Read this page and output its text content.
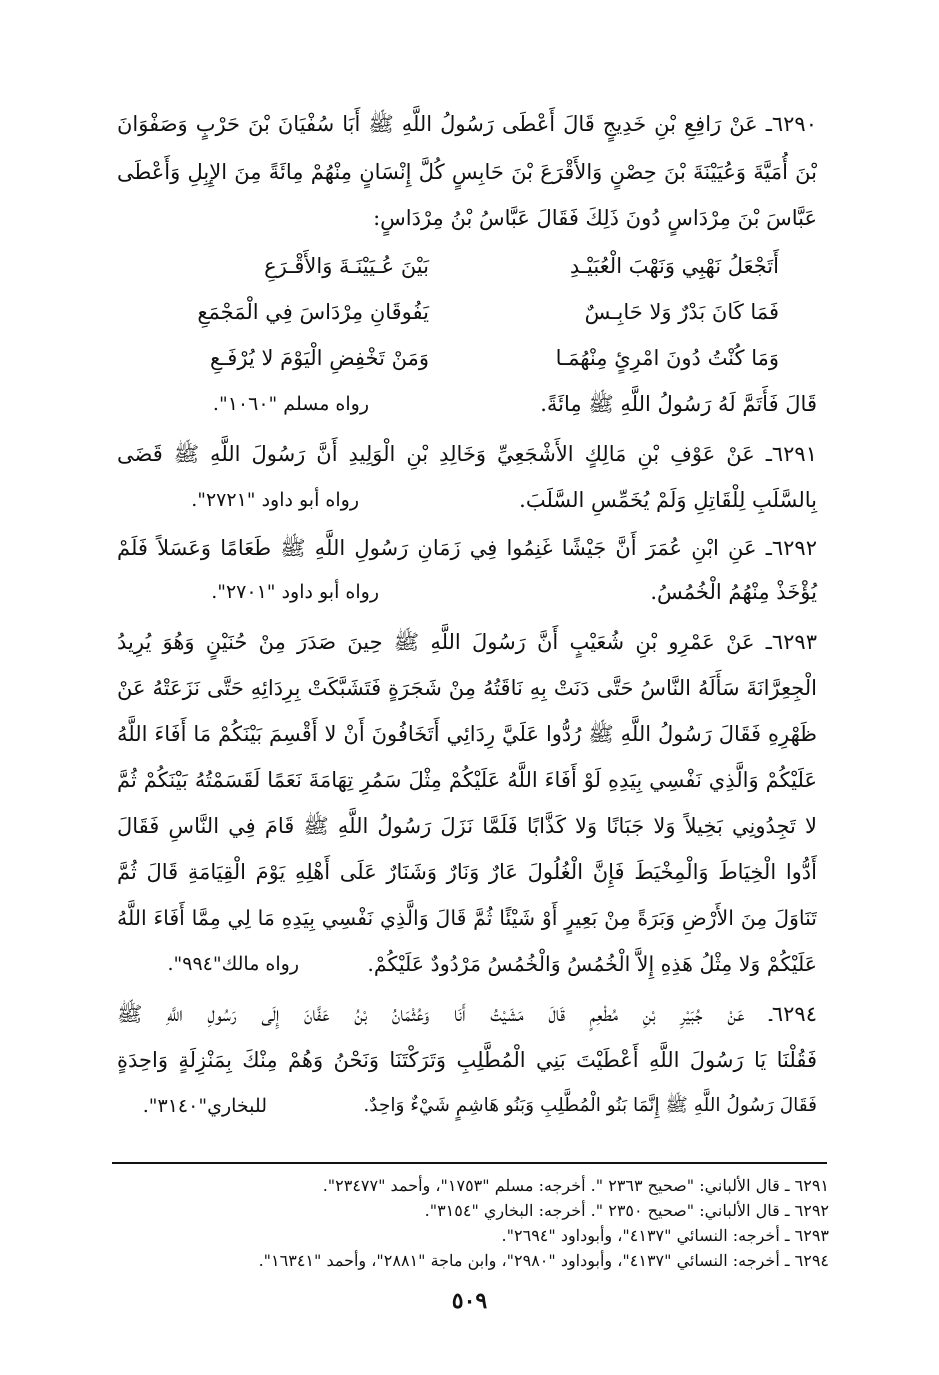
٦٢٩٠ـ عَنْ رَافِعِ بْنِ خَدِيجٍ قَالَ أَعْطَى رَسُولُ اللَّهِ ﷺ أَبَا سُفْيَانَ بْنَ حَرْبٍ وَصَفْوَانَ
بْنَ أُمَيَّةَ وَعُيَيْنَةَ بْنَ حِصْنٍ وَالأَقْرَعَ بْنَ حَابِسٍ كُلَّ إِنْسَانٍ مِنْهُمْ مِائَةً مِنَ الإِبِلِ وَأَعْطَى
عَبَّاسَ بْنَ مِرْدَاسٍ دُونَ ذَلِكَ فَقَالَ عَبَّاسُ بْنُ مِرْدَاسٍ:
أَتَجْعَلُ نَهْبِي وَنَهْبَ الْعُبَيْـدِ
بَيْنَ عُـيَيْنَـةَ وَالأَقْـرَعِ
فَمَا كَانَ بَدْرٌ وَلا حَابِـسٌ
يَفُوقَانِ مِرْدَاسَ فِي الْمَجْمَعِ
وَمَا كُنْتُ دُونَ امْرِئٍ مِنْهُمَـا
وَمَنْ تَخْفِضِ الْيَوْمَ لا يُرْفَـعِ
قَالَ فَأَتَمَّ لَهُ رَسُولُ اللَّهِ ﷺ مِائَةً.
رواه مسلم "١٠٦٠".
٦٢٩١ـ عَنْ عَوْفِ بْنِ مَالِكٍ الأَشْجَعِيِّ وَخَالِدِ بْنِ الْوَلِيدِ أَنَّ رَسُولَ اللَّهِ ﷺ قَضَى
بِالسَّلَبِ لِلْقَاتِلِ وَلَمْ يُخَمِّسِ السَّلَبَ.
رواه أبو داود "٢٧٢١".
٦٢٩٢ـ عَنِ ابْنِ عُمَرَ أَنَّ جَيْشًا غَنِمُوا فِي زَمَانِ رَسُولِ اللَّهِ ﷺ طَعَامًا وَعَسَلاً فَلَمْ
يُؤْخَذْ مِنْهُمُ الْخُمُسُ.
رواه أبو داود "٢٧٠١".
٦٢٩٣ـ عَنْ عَمْرِو بْنِ شُعَيْبٍ أَنَّ رَسُولَ اللَّهِ ﷺ حِينَ صَدَرَ مِنْ حُنَيْنٍ وَهُوَ يُرِيدُ
الْجِعِرَّانَةَ سَأَلَهُ النَّاسُ حَتَّى دَنَتْ بِهِ نَاقَتُهُ مِنْ شَجَرَةٍ فَتَشَبَّكَتْ بِرِدَائِهِ حَتَّى نَزَعَتْهُ عَنْ
ظَهْرِهِ فَقَالَ رَسُولُ اللَّهِ ﷺ رُدُّوا عَلَيَّ رِدَائِي أَتَخَافُونَ أَنْ لا أَقْسِمَ بَيْنَكُمْ مَا أَفَاءَ اللَّهُ
عَلَيْكُمْ وَالَّذِي نَفْسِي بِيَدِهِ لَوْ أَفَاءَ اللَّهُ عَلَيْكُمْ مِثْلَ سَمُرِ تِهَامَةَ نَعَمًا لَقَسَمْتُهُ بَيْنَكُمْ ثُمَّ
لا تَجِدُونِي بَخِيلاً وَلا جَبَانًا وَلا كَذَّابًا فَلَمَّا نَزَلَ رَسُولُ اللَّهِ ﷺ قَامَ فِي النَّاسِ فَقَالَ
أَدُّوا الْخِيَاطَ وَالْمِخْيَطَ فَإِنَّ الْغُلُولَ عَارٌ وَنَارٌ وَشَنَارٌ عَلَى أَهْلِهِ يَوْمَ الْقِيَامَةِ قَالَ ثُمَّ
تَنَاوَلَ مِنَ الأَرْضِ وَبَرَةً مِنْ بَعِيرٍ أَوْ شَيْئًا ثُمَّ قَالَ وَالَّذِي نَفْسِي بِيَدِهِ مَا لِي مِمَّا أَفَاءَ اللَّهُ
عَلَيْكُمْ وَلا مِثْلُ هَذِهِ إِلاَّ الْخُمُسُ وَالْخُمُسُ مَرْدُودٌ عَلَيْكُمْ.
رواه مالك"٩٩٤".
٦٢٩٤ـ عَنْ جُبَيْرِ بْنِ مُطْعِمٍ قَالَ مَشَيْتُ أَنَا وَعُثْمَانُ بْنُ عَفَّانَ إِلَى رَسُولِ اللَّهِ ﷺ
فَقُلْنَا يَا رَسُولَ اللَّهِ أَعْطَيْتَ بَنِي الْمُطَّلِبِ وَتَرَكْتَنَا وَنَحْنُ وَهُمْ مِنْكَ بِمَنْزِلَةٍ وَاحِدَةٍ
فَقَالَ رَسُولُ اللَّهِ ﷺ إِنَّمَا بَنُو الْمُطَّلِبِ وَبَنُو هَاشِمٍ شَيْءٌ وَاحِدٌ.
للبخاري"٣١٤٠".
٦٢٩١ ـ قال الألباني: "صحيح ٢٣٦٣ ". أخرجه: مسلم "١٧٥٣"، وأحمد "٢٣٤٧٧".
٦٢٩٢ ـ قال الألباني: "صحيح ٢٣٥٠ ". أخرجه: البخاري "٣١٥٤".
٦٢٩٣ ـ أخرجه: النسائي "٤١٣٧"، وأبوداود "٢٦٩٤".
٦٢٩٤ ـ أخرجه: النسائي "٤١٣٧"، وأبوداود "٢٩٨٠"، وابن ماجة "٢٨٨١"، وأحمد "١٦٣٤١".
٥٠٩
